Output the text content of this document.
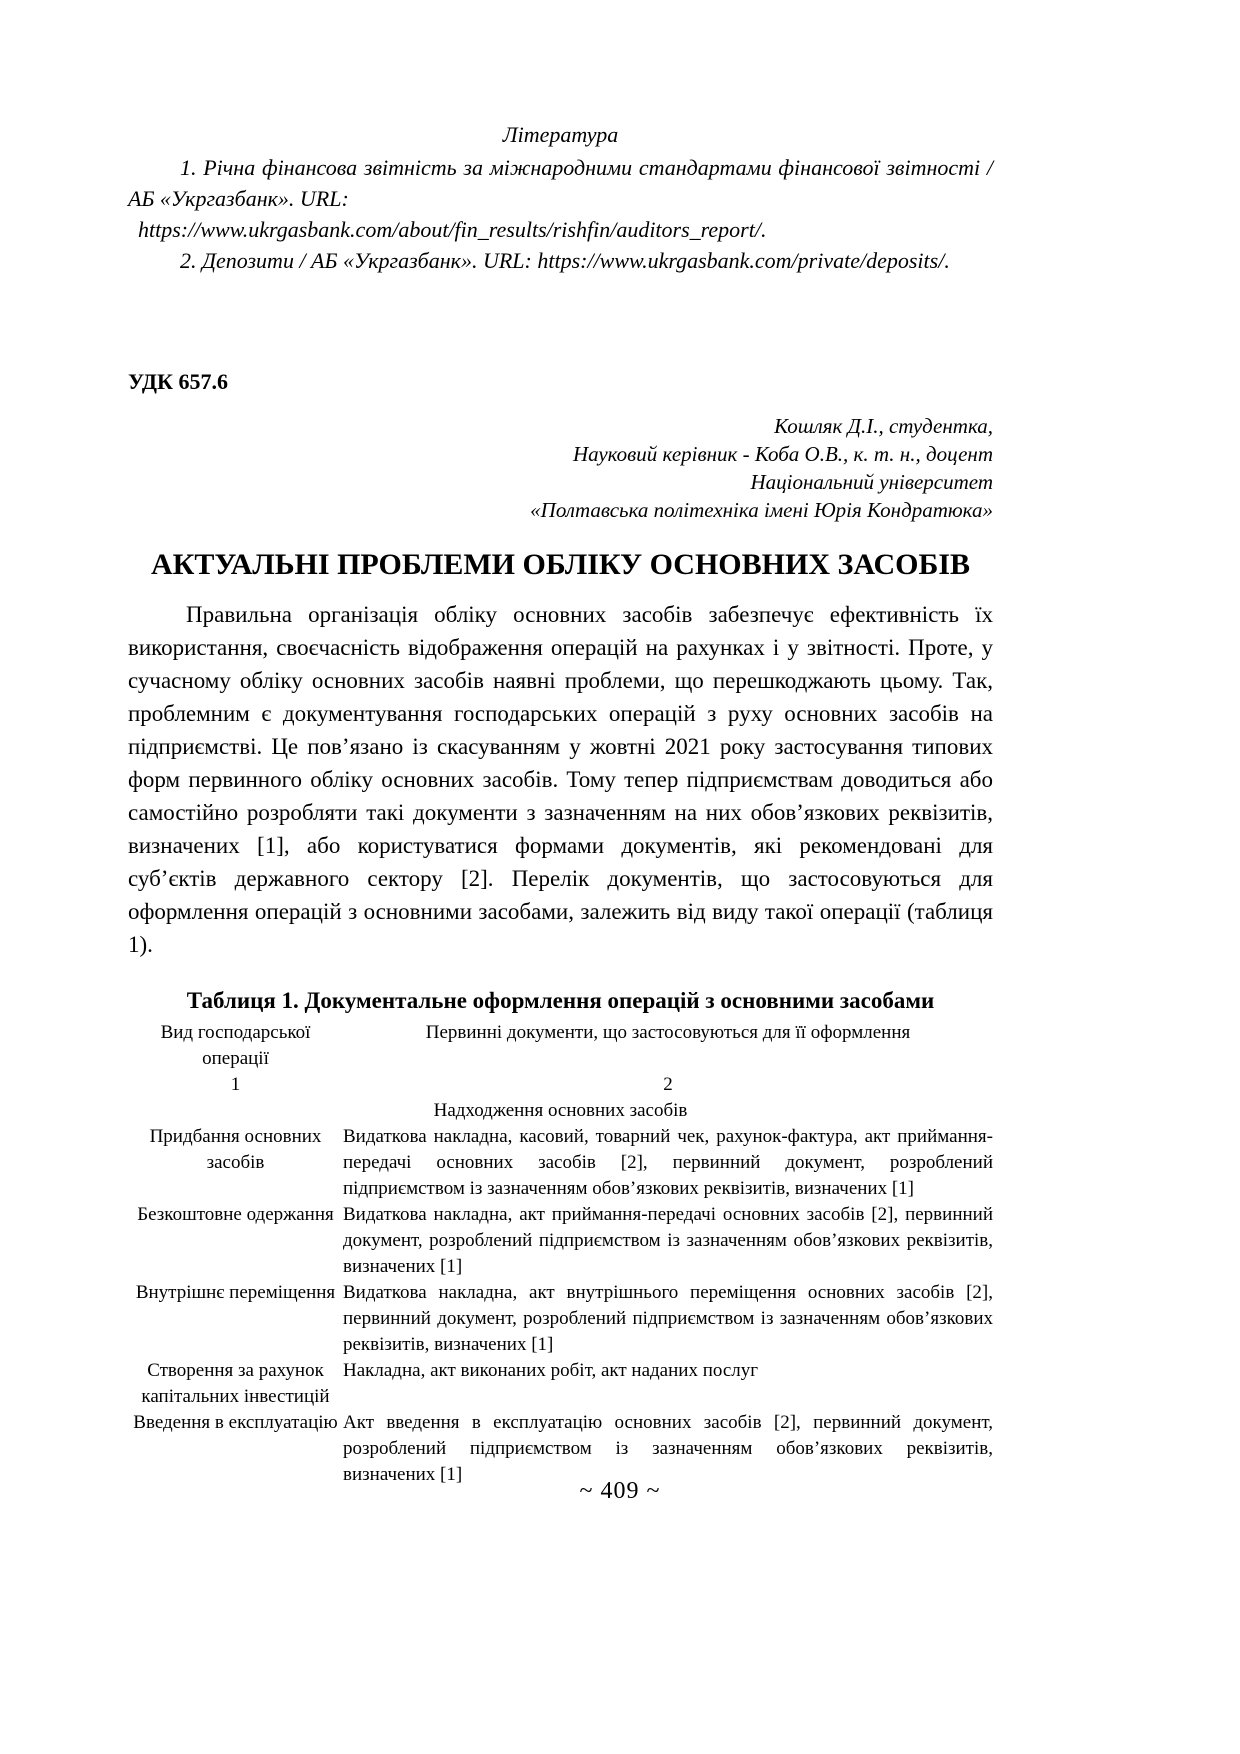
Література

1. Річна фінансова звітність за міжнародними стандартами фінансової звітності / АБ «Укргазбанк». URL:

https://www.ukrgasbank.com/about/fin_results/rishfin/auditors_report/.

2. Депозити / АБ «Укргазбанк». URL: https://www.ukrgasbank.com/private/deposits/.

УДК 657.6
Кошляк Д.І., студентка,
Науковий керівник - Коба О.В., к. т. н., доцент
Національний університет
«Полтавська політехніка імені Юрія Кондратюка»
АКТУАЛЬНІ ПРОБЛЕМИ ОБЛІКУ ОСНОВНИХ ЗАСОБІВ

Правильна організація обліку основних засобів забезпечує ефективність їх використання, своєчасність відображення операцій на рахунках і у звітності. Проте, у сучасному обліку основних засобів наявні проблеми, що перешкоджають цьому. Так, проблемним є документування господарських операцій з руху основних засобів на підприємстві. Це пов’язано із скасуванням у жовтні 2021 року застосування типових форм первинного обліку основних засобів. Тому тепер підприємствам доводиться або самостійно розробляти такі документи з зазначенням на них обов’язкових реквізитів, визначених [1], або користуватися формами документів, які рекомендовані для суб’єктів державного сектору [2]. Перелік документів, що застосовуються для оформлення операцій з основними засобами, залежить від виду такої операції (таблиця 1).

Таблиця 1. Документальне оформлення операцій з основними засобами
Вид господарської операції	Первинні документи, що застосовуються для її оформлення
1	2
Надходження основних засобів	
Придбання основних засобів	Видаткова накладна, касовий, товарний чек, рахунок-фактура, акт приймання-передачі основних засобів [2], первинний документ, розроблений підприємством із зазначенням обов’язкових реквізитів, визначених [1]
Безкоштовне одержання	Видаткова накладна, акт приймання-передачі основних засобів [2], первинний документ, розроблений підприємством із зазначенням обов’язкових реквізитів, визначених [1]
Внутрішнє переміщення	Видаткова накладна, акт внутрішнього переміщення основних засобів [2], первинний документ, розроблений підприємством із зазначенням обов’язкових реквізитів, визначених [1]
Створення за рахунок капітальних інвестицій	Накладна, акт виконаних робіт, акт наданих послуг
Введення в експлуатацію	Акт введення в експлуатацію основних засобів [2], первинний документ, розроблений підприємством із зазначенням обов’язкових реквізитів, визначених [1]
~ 409 ~
